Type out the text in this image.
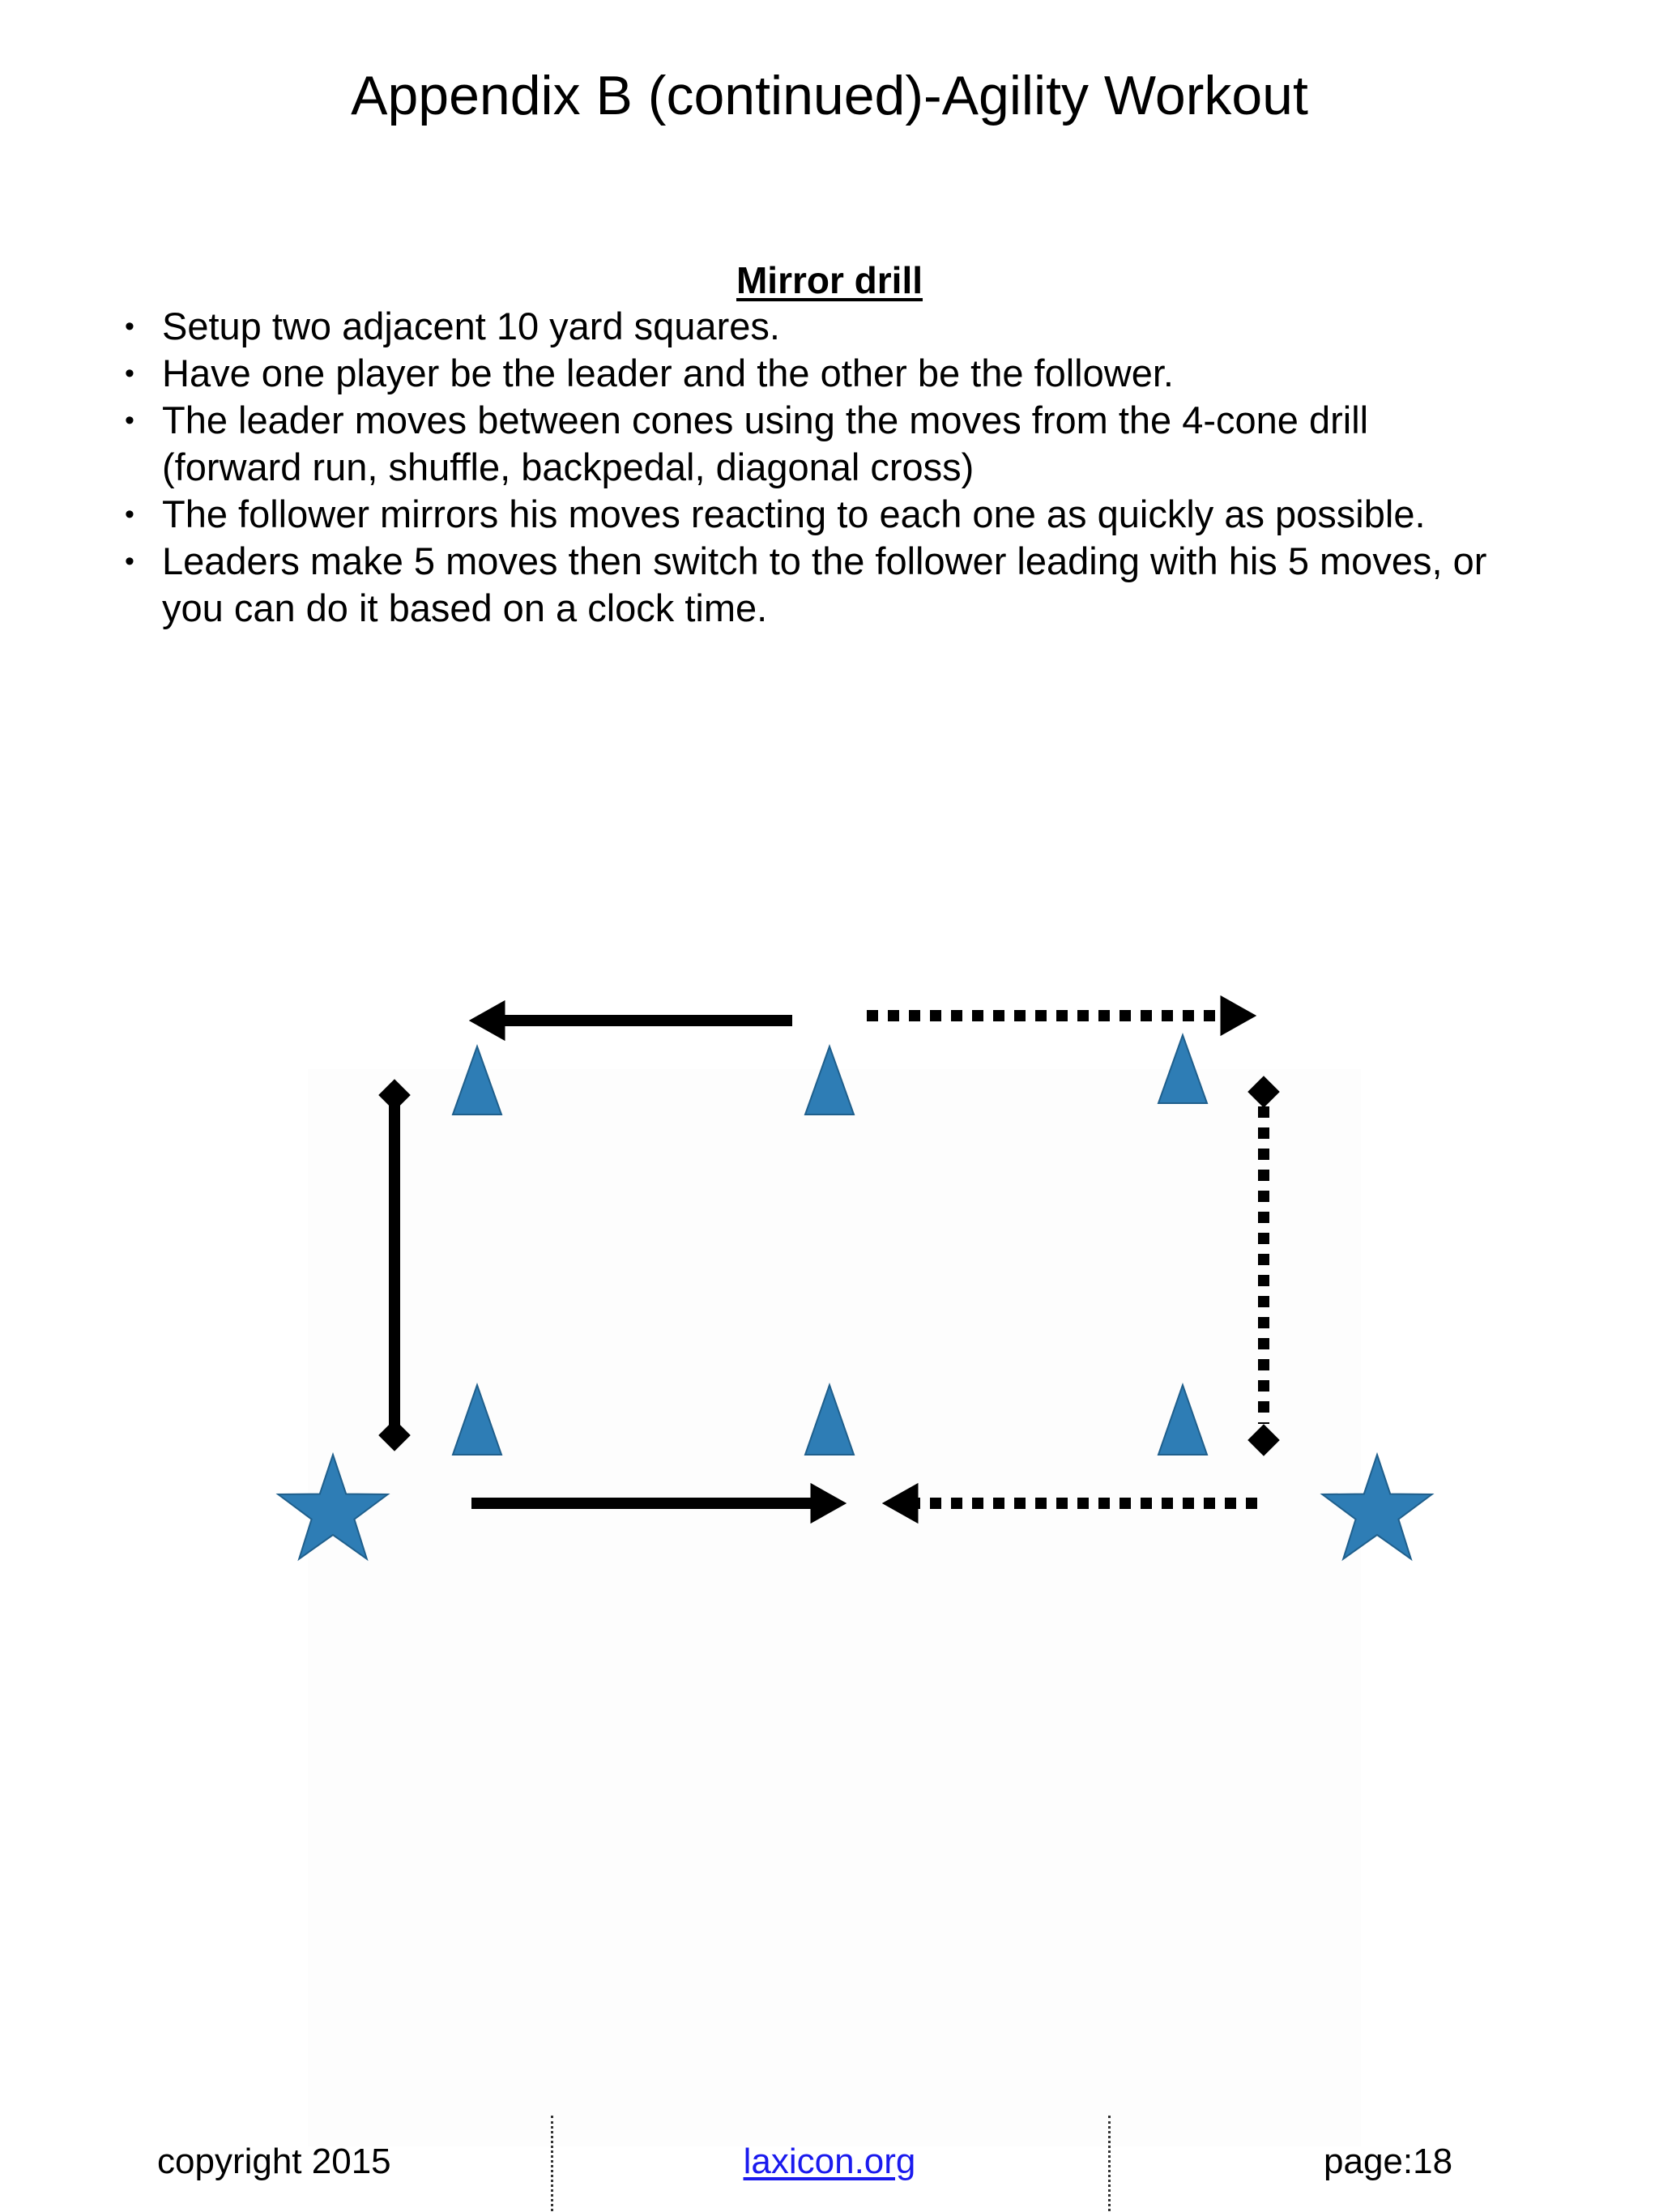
Appendix B (continued)-Agility Workout
Mirror drill
• Setup two adjacent 10 yard squares.
• Have one player be the leader and the other be the follower.
• The leader moves between cones using the moves from the 4-cone drill
(forward run, shuffle, backpedal, diagonal cross)
• The follower mirrors his moves reacting to each one as quickly as possible.
• Leaders make 5 moves then switch to the follower leading with his 5 moves, or
you can do it based on a clock time.
copyright 2015	laxicon.org	page:18
